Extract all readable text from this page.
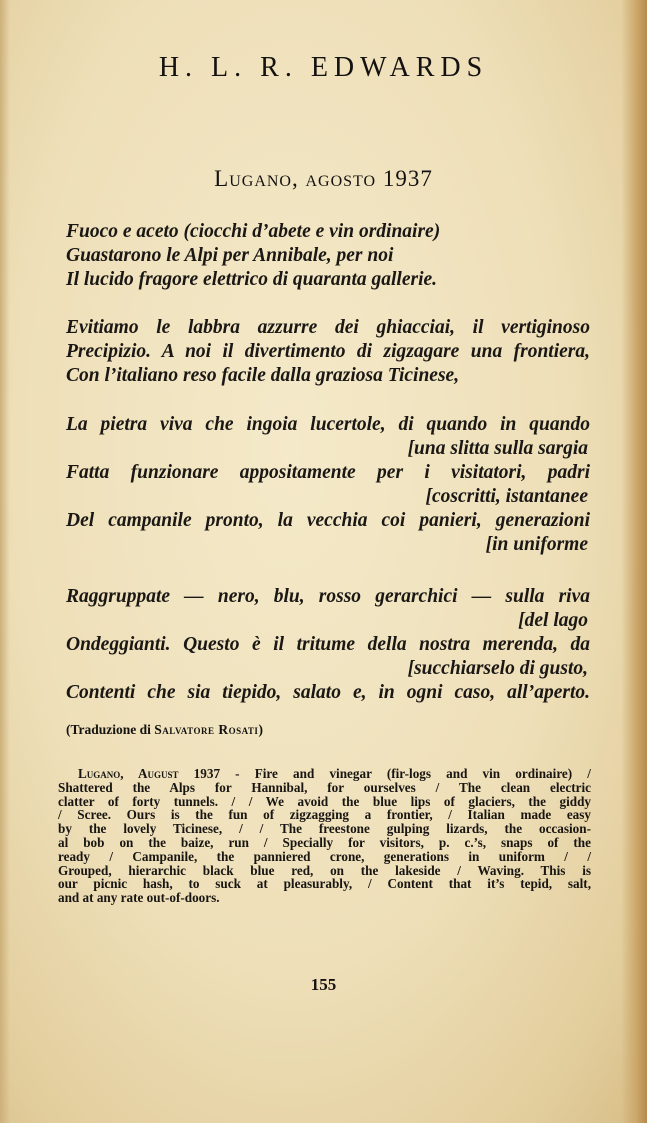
H. L. R. EDWARDS
Lugano, agosto 1937
Fuoco e aceto (ciocchi d’abete e vin ordinaire)
Guastarono le Alpi per Annibale, per noi
Il lucido fragore elettrico di quaranta gallerie.
Evitiamo le labbra azzurre dei ghiacciai, il vertiginoso
Precipizio. A noi il divertimento di zigzagare una frontiera,
Con l’italiano reso facile dalla graziosa Ticinese,
La pietra viva che ingoia lucertole, di quando in quando
[una slitta sulla sargia
Fatta funzionare appositamente per i visitatori, padri
[coscritti, istantanee
Del campanile pronto, la vecchia coi panieri, generazioni
[in uniforme
Raggruppate — nero, blu, rosso gerarchici — sulla riva
[del lago
Ondeggianti. Questo è il tritume della nostra merenda, da
[succhiarselo di gusto,
Contenti che sia tiepido, salato e, in ogni caso, all’aperto.
(Traduzione di Salvatore Rosati)
Lugano, August 1937 - Fire and vinegar (fir-logs and vin ordinaire) /
Shattered the Alps for Hannibal, for ourselves / The clean electric
clatter of forty tunnels. / / We avoid the blue lips of glaciers, the giddy
/ Scree. Ours is the fun of zigzagging a frontier, / Italian made easy
by the lovely Ticinese, / / The freestone gulping lizards, the occasion-
al bob on the baize, run / Specially for visitors, p. c.’s, snaps of the
ready / Campanile, the panniered crone, generations in uniform / /
Grouped, hierarchic black blue red, on the lakeside / Waving. This is
our picnic hash, to suck at pleasurably, / Content that it’s tepid, salt,
and at any rate out-of-doors.
155
